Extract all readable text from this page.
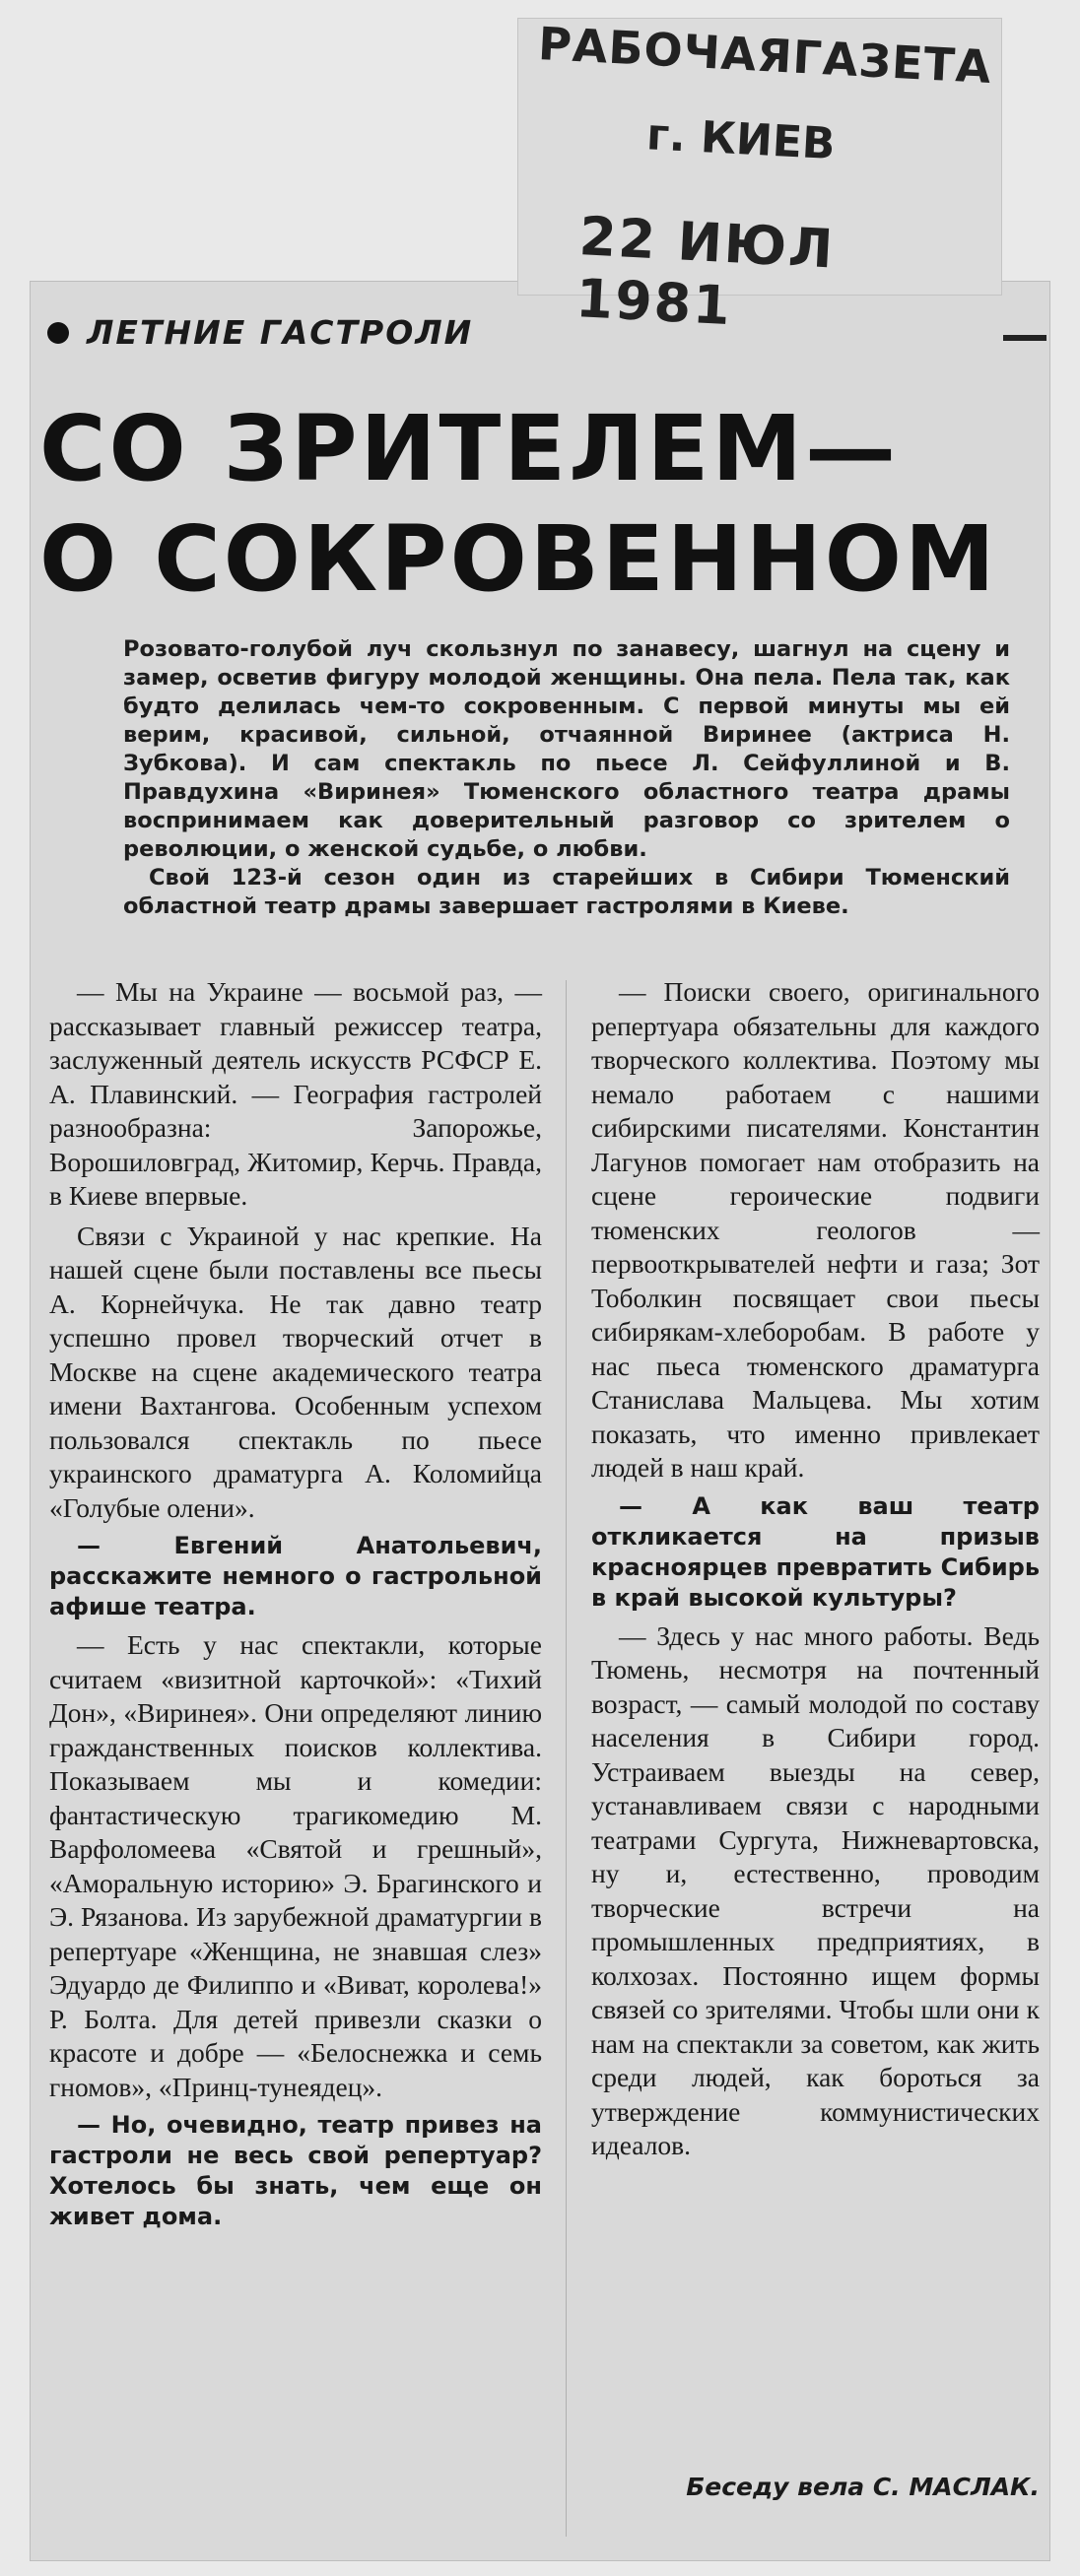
РАБОЧАЯГАЗЕТА
г. КИЕВ
22 ИЮЛ 1981
ЛЕТНИЕ ГАСТРОЛИ
СО ЗРИТЕЛЕМ—
О СОКРОВЕННОМ

Розовато-голубой луч скользнул по занавесу, шагнул на сцену и замер, осветив фигуру молодой женщины. Она пела. Пела так, как будто делилась чем-то сокровенным. С первой минуты мы ей верим, красивой, сильной, отчаянной Виринее (актриса Н. Зубкова). И сам спектакль по пьесе Л. Сейфуллиной и В. Правдухина «Виринея» Тюменского областного театра драмы воспринимаем как доверительный разговор со зрителем о революции, о женской судьбе, о любви.

Свой 123-й сезон один из старейших в Сибири Тюменский областной театр драмы завершает гастролями в Киеве.

— Мы на Украине — восьмой раз, — рассказывает главный режиссер театра, заслуженный деятель искусств РСФСР Е. А. Плавинский. — География гастролей разнообразна: Запорожье, Ворошиловград, Житомир, Керчь. Правда, в Киеве впервые.

Связи с Украиной у нас крепкие. На нашей сцене были поставлены все пьесы А. Корнейчука. Не так давно театр успешно провел творческий отчет в Москве на сцене академического театра имени Вахтангова. Особенным успехом пользовался спектакль по пьесе украинского драматурга А. Коломийца «Голубые олени».

— Евгений Анатольевич, расскажите немного о гастрольной афише театра.

— Есть у нас спектакли, которые считаем «визитной карточкой»: «Тихий Дон», «Виринея». Они определяют линию гражданственных поисков коллектива. Показываем мы и комедии: фантастическую трагикомедию М. Варфоломеева «Святой и грешный», «Аморальную историю» Э. Брагинского и Э. Рязанова. Из зарубежной драматургии в репертуаре «Женщина, не знавшая слез» Эдуардо де Филиппо и «Виват, королева!» Р. Болта. Для детей привезли сказки о красоте и добре — «Белоснежка и семь гномов», «Принц-тунеядец».

— Но, очевидно, театр привез на гастроли не весь свой репертуар? Хотелось бы знать, чем еще он живет дома.

— Поиски своего, оригинального репертуара обязательны для каждого творческого коллектива. Поэтому мы немало работаем с нашими сибирскими писателями. Константин Лагунов помогает нам отобразить на сцене героические подвиги тюменских геологов — первооткрывателей нефти и газа; Зот Тоболкин посвящает свои пьесы сибирякам-хлеборобам. В работе у нас пьеса тюменского драматурга Станислава Мальцева. Мы хотим показать, что именно привлекает людей в наш край.

— А как ваш театр откликается на призыв красноярцев превратить Сибирь в край высокой культуры?

— Здесь у нас много работы. Ведь Тюмень, несмотря на почтенный возраст, — самый молодой по составу населения в Сибири город. Устраиваем выезды на север, устанавливаем связи с народными театрами Сургута, Нижневартовска, ну и, естественно, проводим творческие встречи на промышленных предприятиях, в колхозах. Постоянно ищем формы связей со зрителями. Чтобы шли они к нам на спектакли за советом, как жить среди людей, как бороться за утверждение коммунистических идеалов.

Беседу вела С. МАСЛАК.
